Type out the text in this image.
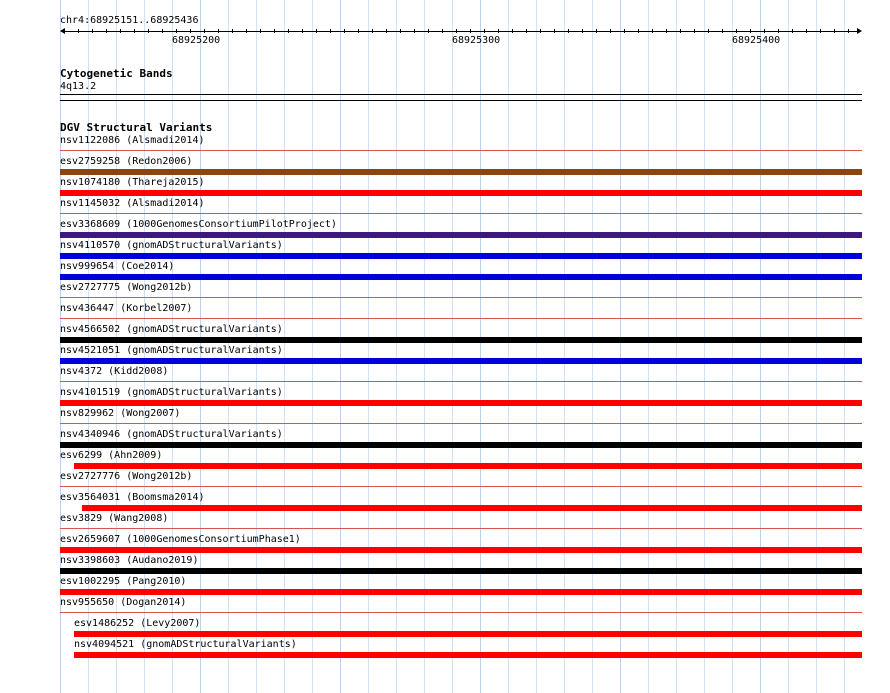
chr4:68925151..68925436
68925200	68925300	68925400
Cytogenetic Bands
4q13.2
DGV Structural Variants
nsv1122086 (Alsmadi2014)
esv2759258 (Redon2006)
nsv1074180 (Thareja2015)
nsv1145032 (Alsmadi2014)
esv3368609 (1000GenomesConsortiumPilotProject)
nsv4110570 (gnomADStructuralVariants)
nsv999654 (Coe2014)
esv2727775 (Wong2012b)
nsv436447 (Korbel2007)
nsv4566502 (gnomADStructuralVariants)
nsv4521051 (gnomADStructuralVariants)
nsv4372 (Kidd2008)
nsv4101519 (gnomADStructuralVariants)
nsv829962 (Wong2007)
nsv4340946 (gnomADStructuralVariants)
esv6299 (Ahn2009)
esv2727776 (Wong2012b)
esv3564031 (Boomsma2014)
esv3829 (Wang2008)
esv2659607 (1000GenomesConsortiumPhase1)
nsv3398603 (Audano2019)
esv1002295 (Pang2010)
nsv955650 (Dogan2014)
esv1486252 (Levy2007)
nsv4094521 (gnomADStructuralVariants)
